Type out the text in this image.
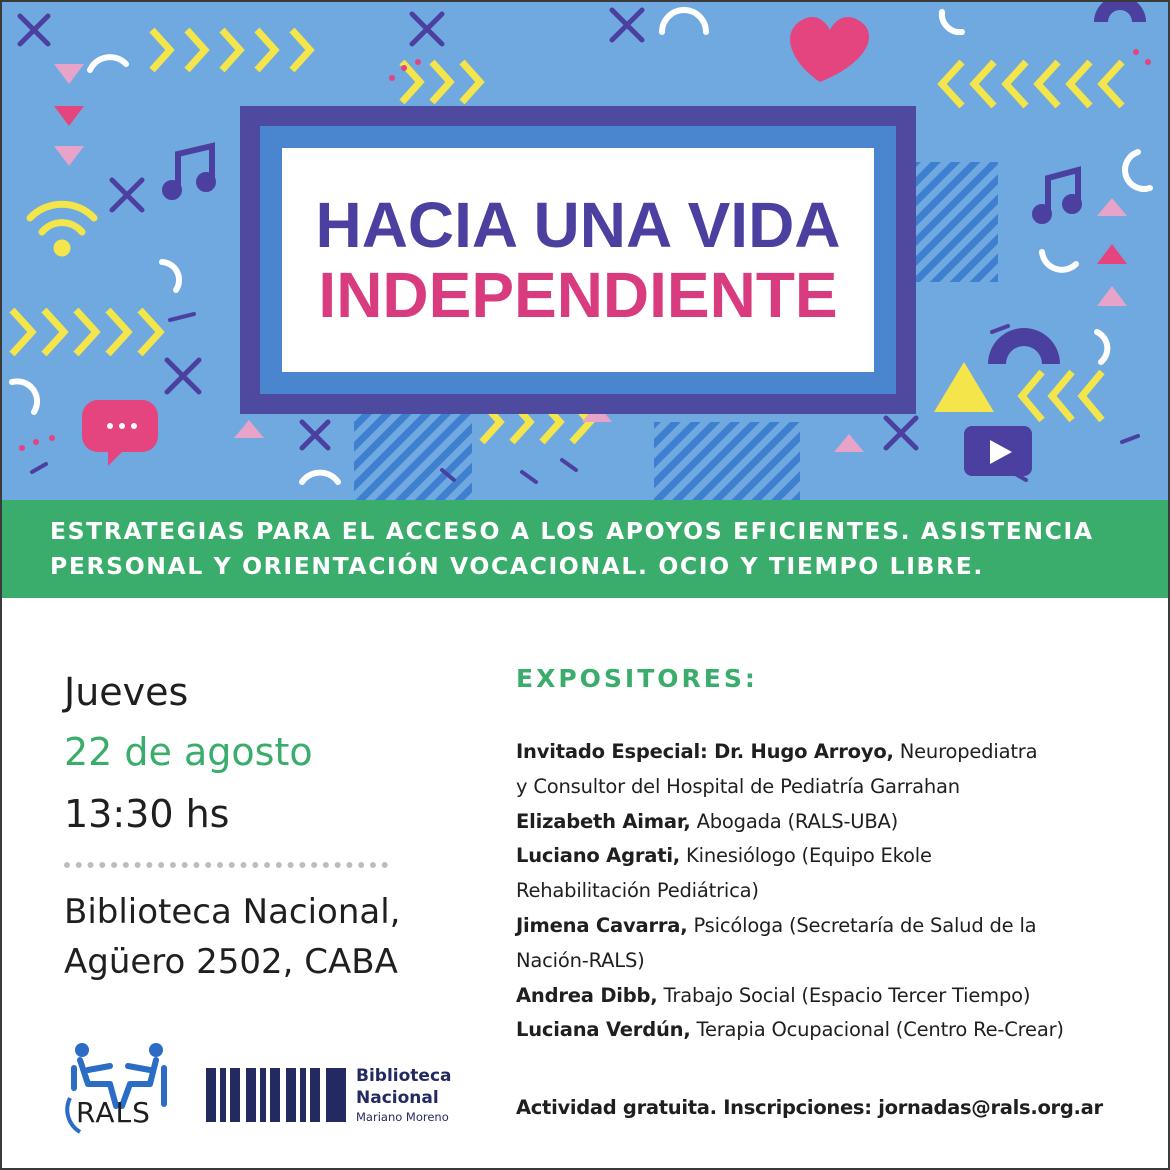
HACIA UNA VIDA
INDEPENDIENTE
ESTRATEGIAS PARA EL ACCESO A LOS APOYOS EFICIENTES. ASISTENCIA
PERSONAL Y ORIENTACIÓN VOCACIONAL. OCIO Y TIEMPO LIBRE.
Jueves
22 de agosto
13:30 hs
Biblioteca Nacional,
Agüero 2502, CABA
RALS
Biblioteca
Nacional
Mariano Moreno
EXPOSITORES:
Invitado Especial: Dr. Hugo Arroyo, Neuropediatra
y Consultor del Hospital de Pediatría Garrahan
Elizabeth Aimar, Abogada (RALS-UBA)
Luciano Agrati, Kinesiólogo (Equipo Ekole
Rehabilitación Pediátrica)
Jimena Cavarra, Psicóloga (Secretaría de Salud de la
Nación-RALS)
Andrea Dibb, Trabajo Social (Espacio Tercer Tiempo)
Luciana Verdún, Terapia Ocupacional (Centro Re-Crear)
Actividad gratuita. Inscripciones: jornadas@rals.org.ar
